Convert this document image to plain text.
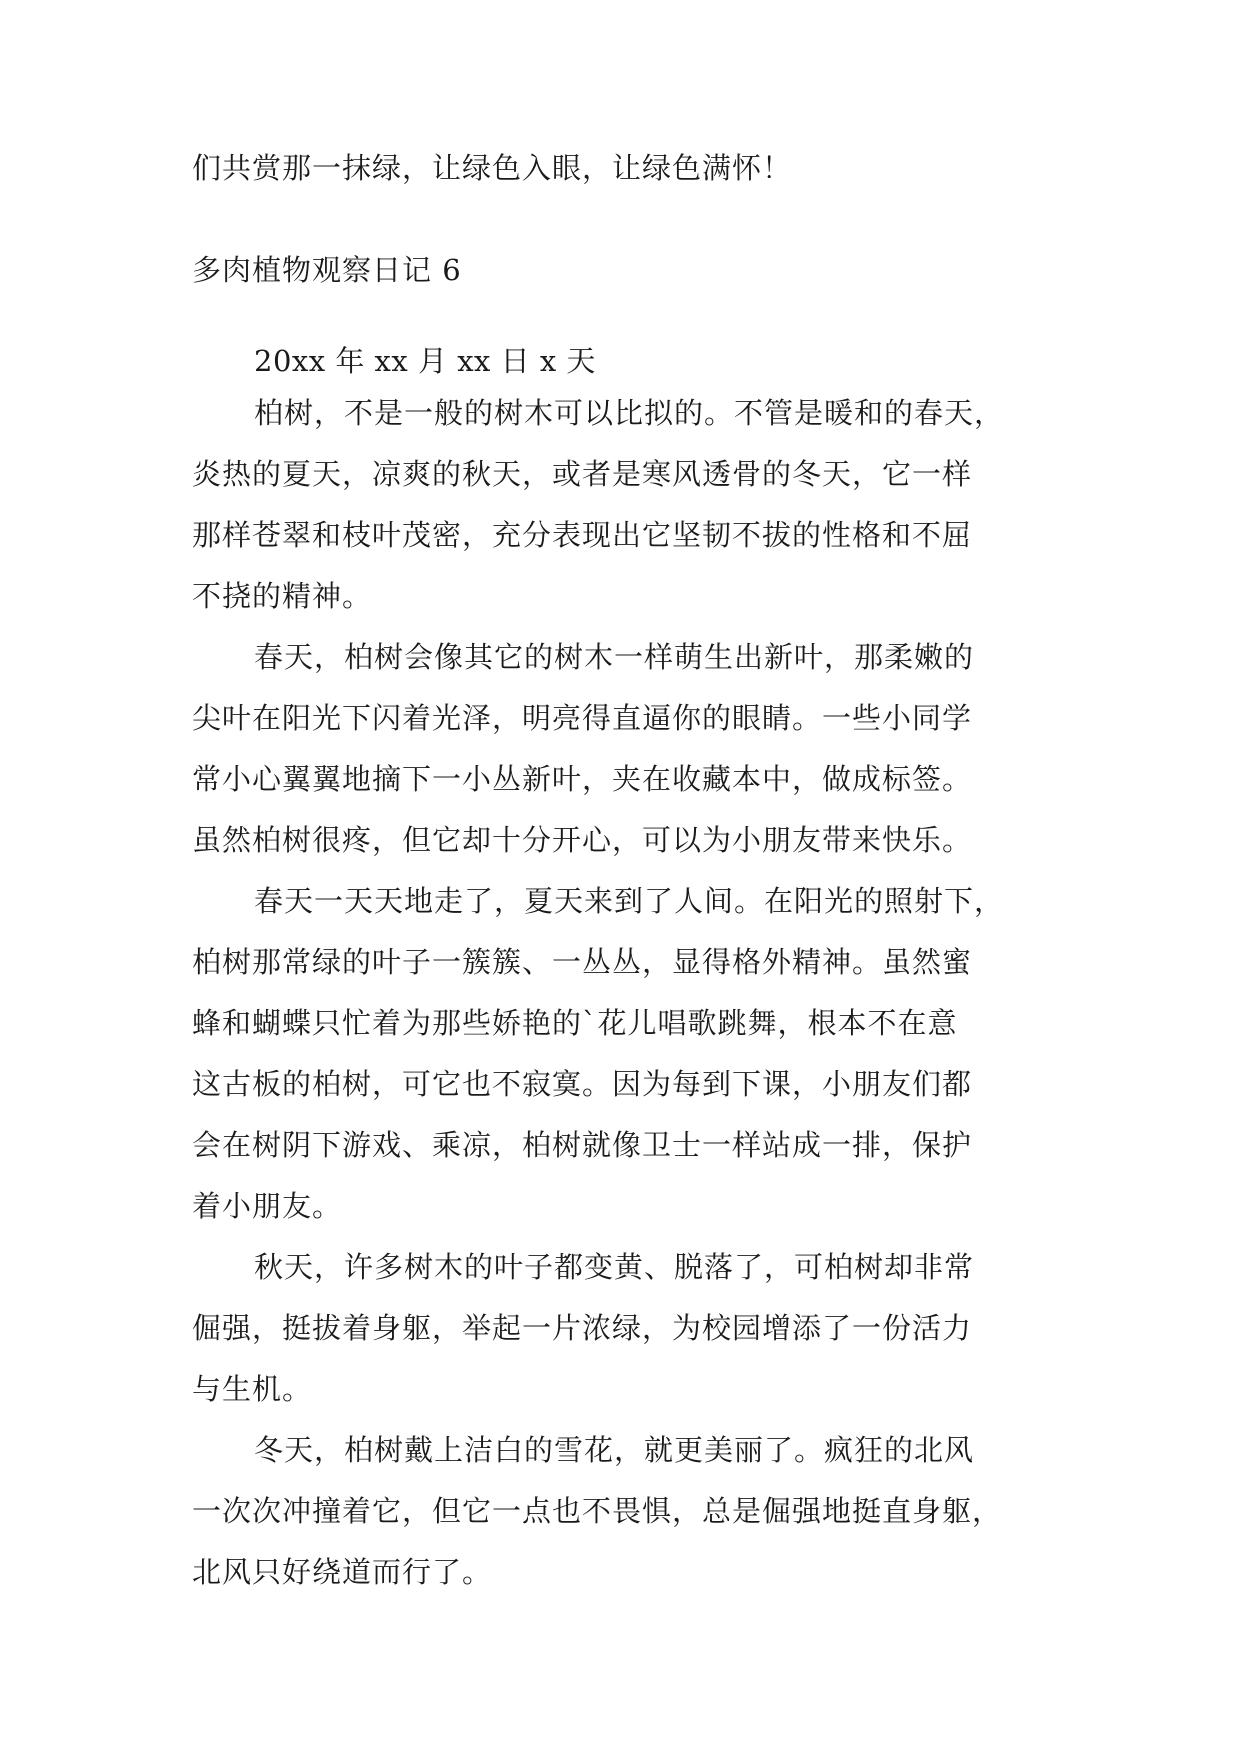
们共赏那一抹绿，让绿色入眼，让绿色满怀！
多肉植物观察日记 6
20xx 年 xx 月 xx 日 x 天
柏树，不是一般的树木可以比拟的。不管是暖和的春天，
炎热的夏天，凉爽的秋天，或者是寒风透骨的冬天，它一样
那样苍翠和枝叶茂密，充分表现出它坚韧不拔的性格和不屈
不挠的精神。
春天，柏树会像其它的树木一样萌生出新叶，那柔嫩的
尖叶在阳光下闪着光泽，明亮得直逼你的眼睛。一些小同学
常小心翼翼地摘下一小丛新叶，夹在收藏本中，做成标签。
虽然柏树很疼，但它却十分开心，可以为小朋友带来快乐。
春天一天天地走了，夏天来到了人间。在阳光的照射下，
柏树那常绿的叶子一簇簇、一丛丛，显得格外精神。虽然蜜
蜂和蝴蝶只忙着为那些娇艳的`花儿唱歌跳舞，根本不在意
这古板的柏树，可它也不寂寞。因为每到下课，小朋友们都
会在树阴下游戏、乘凉，柏树就像卫士一样站成一排，保护
着小朋友。
秋天，许多树木的叶子都变黄、脱落了，可柏树却非常
倔强，挺拔着身躯，举起一片浓绿，为校园增添了一份活力
与生机。
冬天，柏树戴上洁白的雪花，就更美丽了。疯狂的北风
一次次冲撞着它，但它一点也不畏惧，总是倔强地挺直身躯，
北风只好绕道而行了。
